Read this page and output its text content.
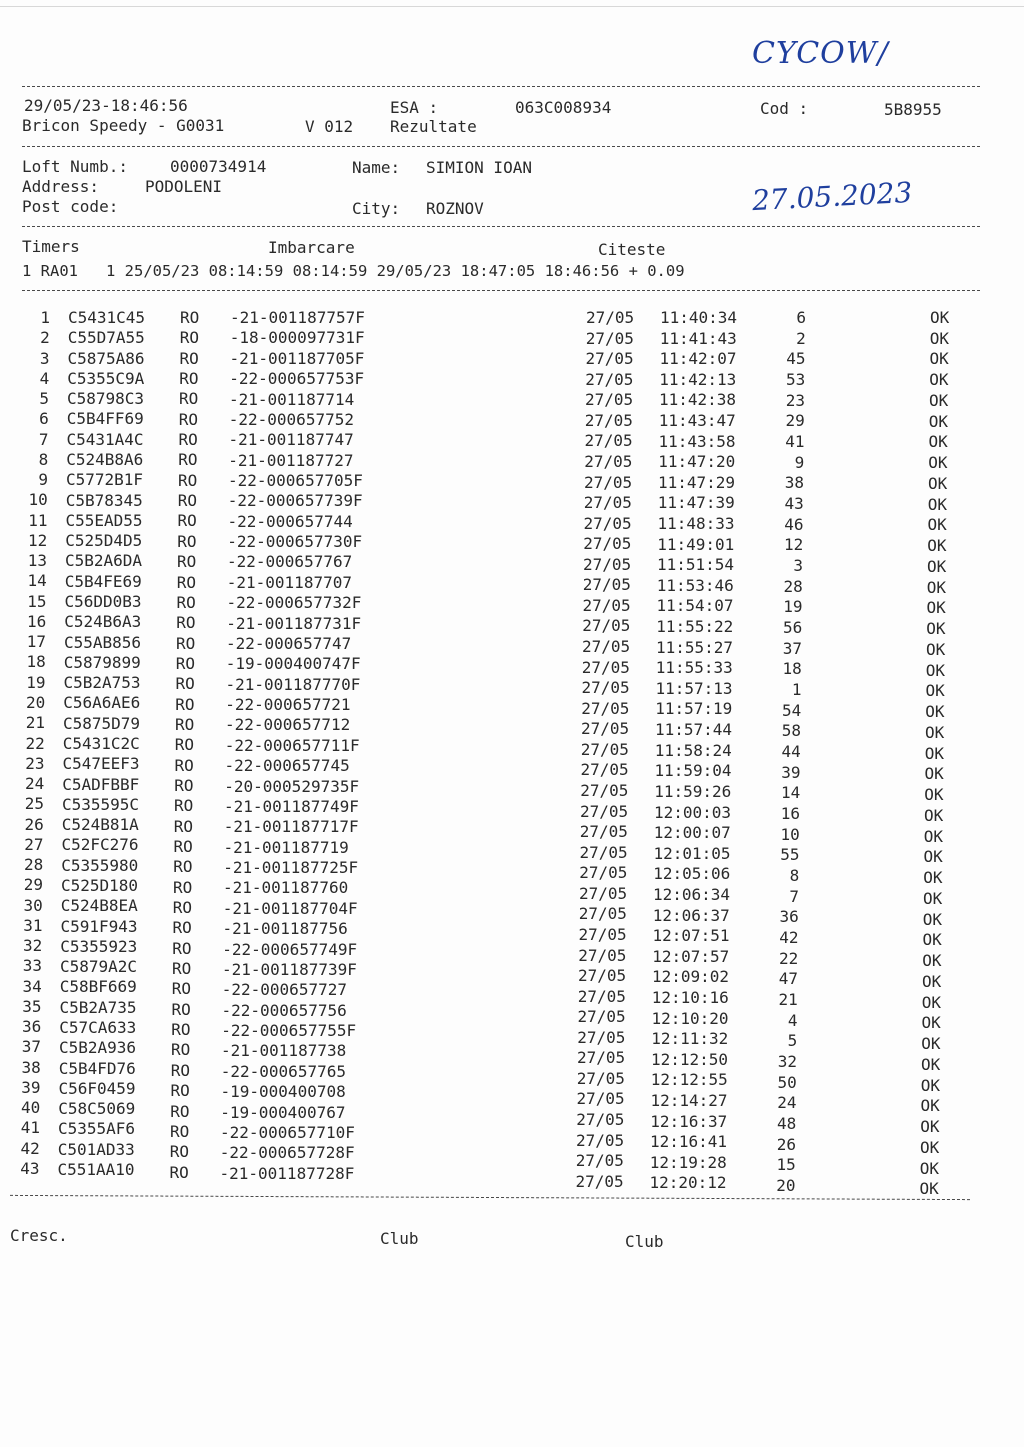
CYCOW/
27.05.2023
29/05/23-18:46:56	ESA :	063C008934	Cod :	5B8955
Bricon Speedy - G0031	V 012 Rezultate
Loft Numb.:	0000734914	Name: SIMION IOAN
Address:	PODOLENI
Post code:	City: ROZNOV
Timers	Imbarcare	Citeste
1 RA01   1 25/05/23 08:14:59 08:14:59 29/05/23 18:47:05 18:46:56 + 0.09
1 C5431C45 RO -21-001187757F	27/05 11:40:34	6	OK
2 C55D7A55 RO -18-000097731F	27/05 11:41:43	2	OK
3 C5875A86 RO -21-001187705F	27/05 11:42:07	45	OK
4 C5355C9A RO -22-000657753F	27/05 11:42:13	53	OK
5 C58798C3 RO -21-001187714	27/05 11:42:38	23	OK
6 C5B4FF69 RO -22-000657752	27/05 11:43:47	29	OK
7 C5431A4C RO -21-001187747	27/05 11:43:58	41	OK
8 C524B8A6 RO -21-001187727	27/05 11:47:20	9	OK
9 C5772B1F RO -22-000657705F	27/05 11:47:29	38	OK
10 C5B78345 RO -22-000657739F	27/05 11:47:39	43	OK
11 C55EAD55 RO -22-000657744	27/05 11:48:33	46	OK
12 C525D4D5 RO -22-000657730F	27/05 11:49:01	12	OK
13 C5B2A6DA RO -22-000657767	27/05 11:51:54	3	OK
14 C5B4FE69 RO -21-001187707	27/05 11:53:46	28	OK
15 C56DD0B3 RO -22-000657732F	27/05 11:54:07	19	OK
16 C524B6A3 RO -21-001187731F	27/05 11:55:22	56	OK
17 C55AB856 RO -22-000657747	27/05 11:55:27	37	OK
18 C5879899 RO -19-000400747F	27/05 11:55:33	18	OK
19 C5B2A753 RO -21-001187770F	27/05 11:57:13	1	OK
20 C56A6AE6 RO -22-000657721	27/05 11:57:19	54	OK
21 C5875D79 RO -22-000657712	27/05 11:57:44	58	OK
22 C5431C2C RO -22-000657711F	27/05 11:58:24	44	OK
23 C547EEF3 RO -22-000657745	27/05 11:59:04	39	OK
24 C5ADFBBF RO -20-000529735F	27/05 11:59:26	14	OK
25 C535595C RO -21-001187749F	27/05 12:00:03	16	OK
26 C524B81A RO -21-001187717F	27/05 12:00:07	10	OK
27 C52FC276 RO -21-001187719	27/05 12:01:05	55	OK
28 C5355980 RO -21-001187725F	27/05 12:05:06	8	OK
29 C525D180 RO -21-001187760	27/05 12:06:34	7	OK
30 C524B8EA RO -21-001187704F	27/05 12:06:37	36	OK
31 C591F943 RO -21-001187756	27/05 12:07:51	42	OK
32 C5355923 RO -22-000657749F	27/05 12:07:57	22	OK
33 C5879A2C RO -21-001187739F	27/05 12:09:02	47	OK
34 C58BF669 RO -22-000657727	27/05 12:10:16	21	OK
35 C5B2A735 RO -22-000657756	27/05 12:10:20	4	OK
36 C57CA633 RO -22-000657755F	27/05 12:11:32	5	OK
37 C5B2A936 RO -21-001187738	27/05 12:12:50	32	OK
38 C5B4FD76 RO -22-000657765	27/05 12:12:55	50	OK
39 C56F0459 RO -19-000400708	27/05 12:14:27	24	OK
40 C58C5069 RO -19-000400767	27/05 12:16:37	48	OK
41 C5355AF6 RO -22-000657710F	27/05 12:16:41	26	OK
42 C501AD33 RO -22-000657728F	27/05 12:19:28	15	OK
43 C551AA10 RO -21-001187728F	27/05 12:20:12	20	OK
Cresc.	Club	Club
